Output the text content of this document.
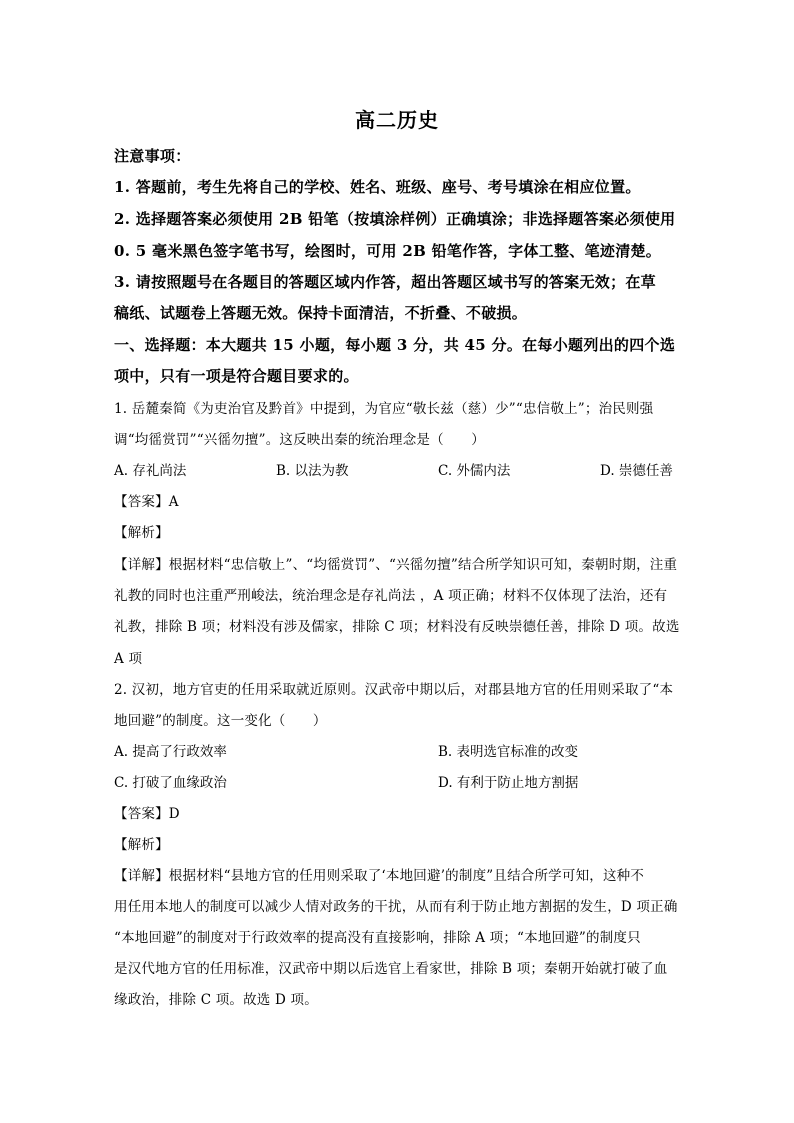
高二历史
注意事项：
1. 答题前，考生先将自己的学校、姓名、班级、座号、考号填涂在相应位置。
2. 选择题答案必须使用 2B 铅笔（按填涂样例）正确填涂；非选择题答案必须使用
0. 5 毫米黑色签字笔书写，绘图时，可用 2B 铅笔作答，字体工整、笔迹清楚。
3. 请按照题号在各题目的答题区域内作答，超出答题区域书写的答案无效；在草
稿纸、试题卷上答题无效。保持卡面清洁，不折叠、不破损。
一、选择题：本大题共 15 小题，每小题 3 分，共 45 分。在每小题列出的四个选
项中，只有一项是符合题目要求的。
1. 岳麓秦简《为吏治官及黔首》中提到，为官应“敬长兹（慈）少”“忠信敬上”；治民则强
调“均徭赏罚”“兴徭勿擅”。这反映出秦的统治理念是（　　）
A. 存礼尚法	B. 以法为教	C. 外儒内法	D. 崇德任善
【答案】A
【解析】
【详解】根据材料“忠信敬上”、“均徭赏罚”、“兴徭勿擅”结合所学知识可知，秦朝时期，注重
礼教的同时也注重严刑峻法，统治理念是存礼尚法 ，A 项正确；材料不仅体现了法治，还有
礼教，排除 B 项；材料没有涉及儒家，排除 C 项；材料没有反映崇德任善，排除 D 项。故选
A 项
2. 汉初，地方官吏的任用采取就近原则。汉武帝中期以后，对郡县地方官的任用则采取了“本
地回避”的制度。这一变化（　　）
A. 提高了行政效率	B. 表明选官标准的改变
C. 打破了血缘政治	D. 有利于防止地方割据
【答案】D
【解析】
【详解】根据材料“县地方官的任用则采取了‘本地回避’的制度”且结合所学可知，这种不
用任用本地人的制度可以减少人情对政务的干扰，从而有利于防止地方割据的发生，D 项正确
“本地回避”的制度对于行政效率的提高没有直接影响，排除 A 项；“本地回避”的制度只
是汉代地方官的任用标准，汉武帝中期以后选官上看家世，排除 B 项；秦朝开始就打破了血
缘政治，排除 C 项。故选 D 项。
